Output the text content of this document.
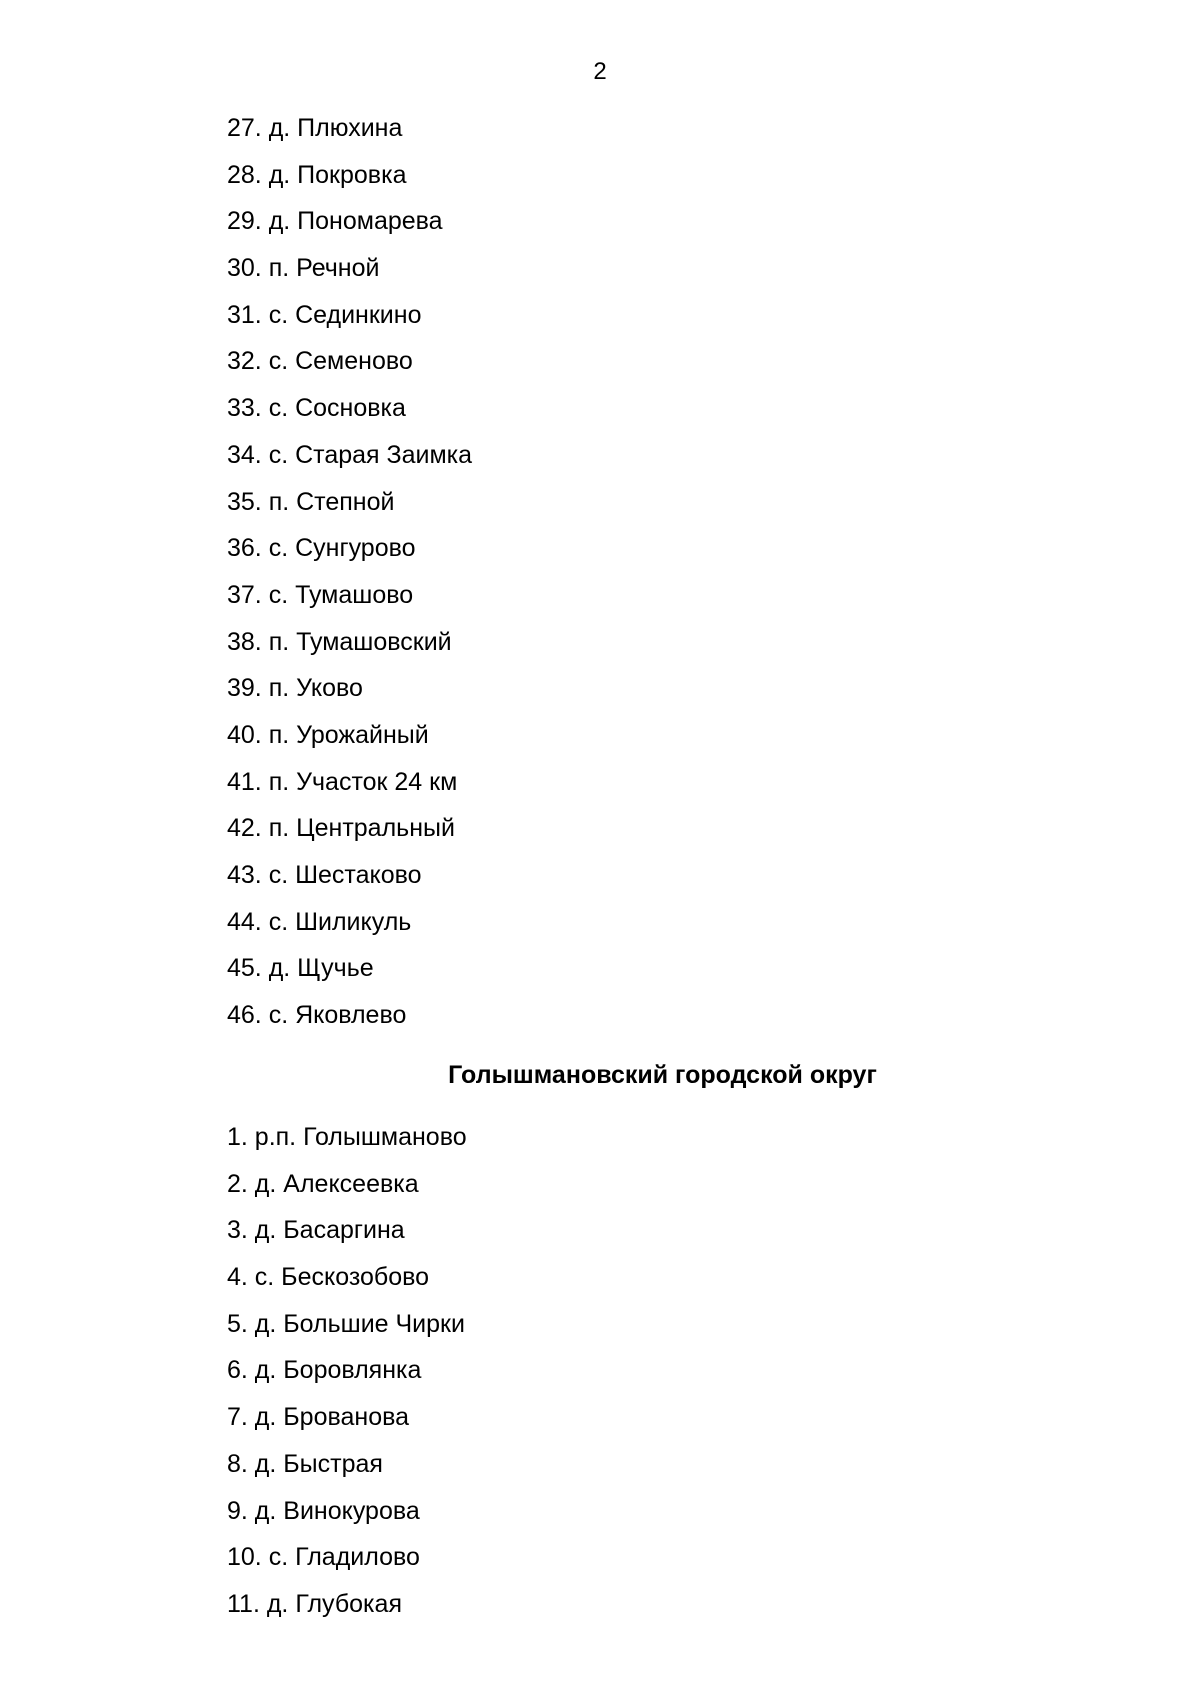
2
27. д. Плюхина
28. д. Покровка
29. д. Пономарева
30. п. Речной
31. с. Сединкино
32. с. Семеново
33. с. Сосновка
34. с. Старая Заимка
35. п. Степной
36. с. Сунгурово
37. с. Тумашово
38. п. Тумашовский
39. п. Уково
40. п. Урожайный
41. п. Участок 24 км
42. п. Центральный
43. с. Шестаково
44. с. Шиликуль
45. д. Щучье
46. с. Яковлево
Голышмановский городской округ
1. р.п. Голышманово
2. д. Алексеевка
3. д. Басаргина
4. с. Бескозобово
5. д. Большие Чирки
6. д. Боровлянка
7. д. Брованова
8. д. Быстрая
9. д. Винокурова
10. с. Гладилово
11. д. Глубокая
